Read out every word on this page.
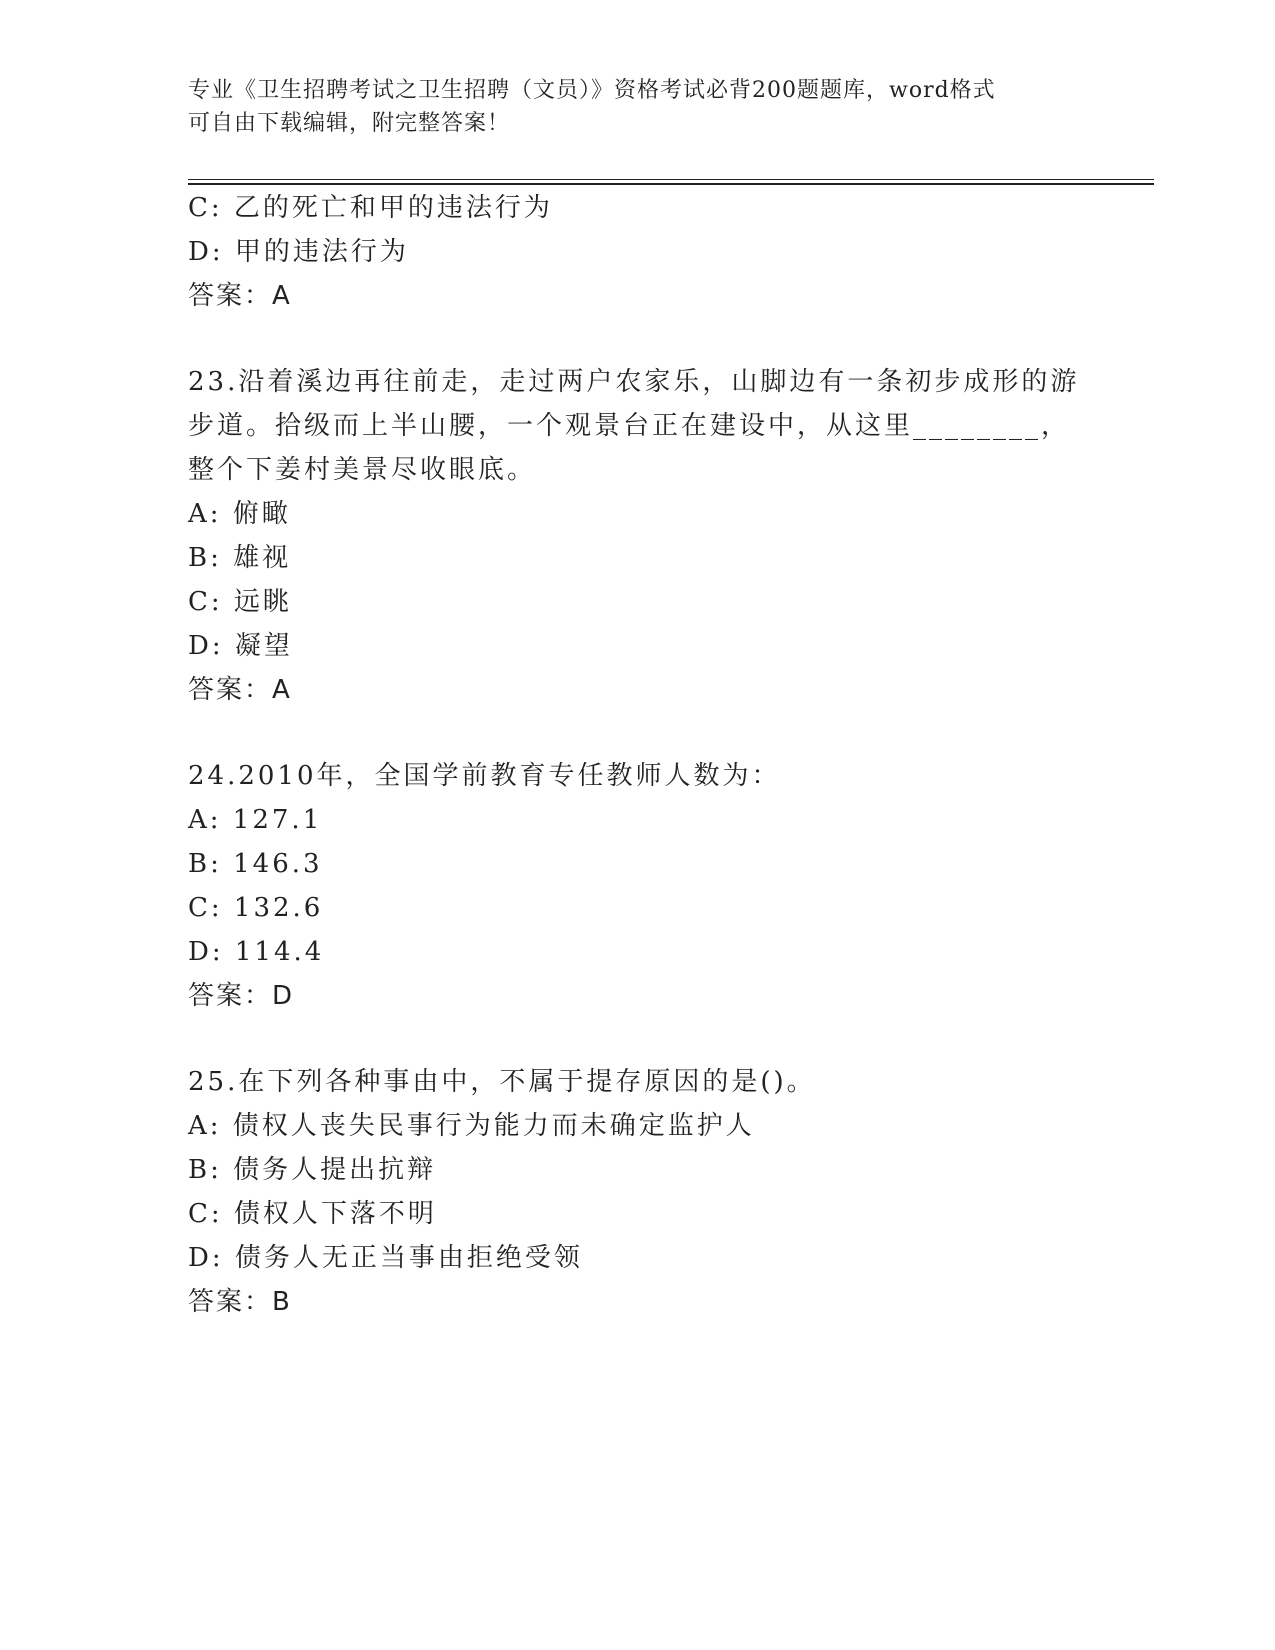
专业《卫生招聘考试之卫生招聘（文员）》资格考试必背200题题库，word格式
可自由下载编辑，附完整答案！
C: 乙的死亡和甲的违法行为
D: 甲的违法行为
答案：A
23.沿着溪边再往前走，走过两户农家乐，山脚边有一条初步成形的游
步道。拾级而上半山腰，一个观景台正在建设中，从这里________，
整个下姜村美景尽收眼底。
A: 俯瞰
B: 雄视
C: 远眺
D: 凝望
答案：A
24.2010年，全国学前教育专任教师人数为：
A: 127.1
B: 146.3
C: 132.6
D: 114.4
答案：D
25.在下列各种事由中，不属于提存原因的是()。
A: 债权人丧失民事行为能力而未确定监护人
B: 债务人提出抗辩
C: 债权人下落不明
D: 债务人无正当事由拒绝受领
答案：B
